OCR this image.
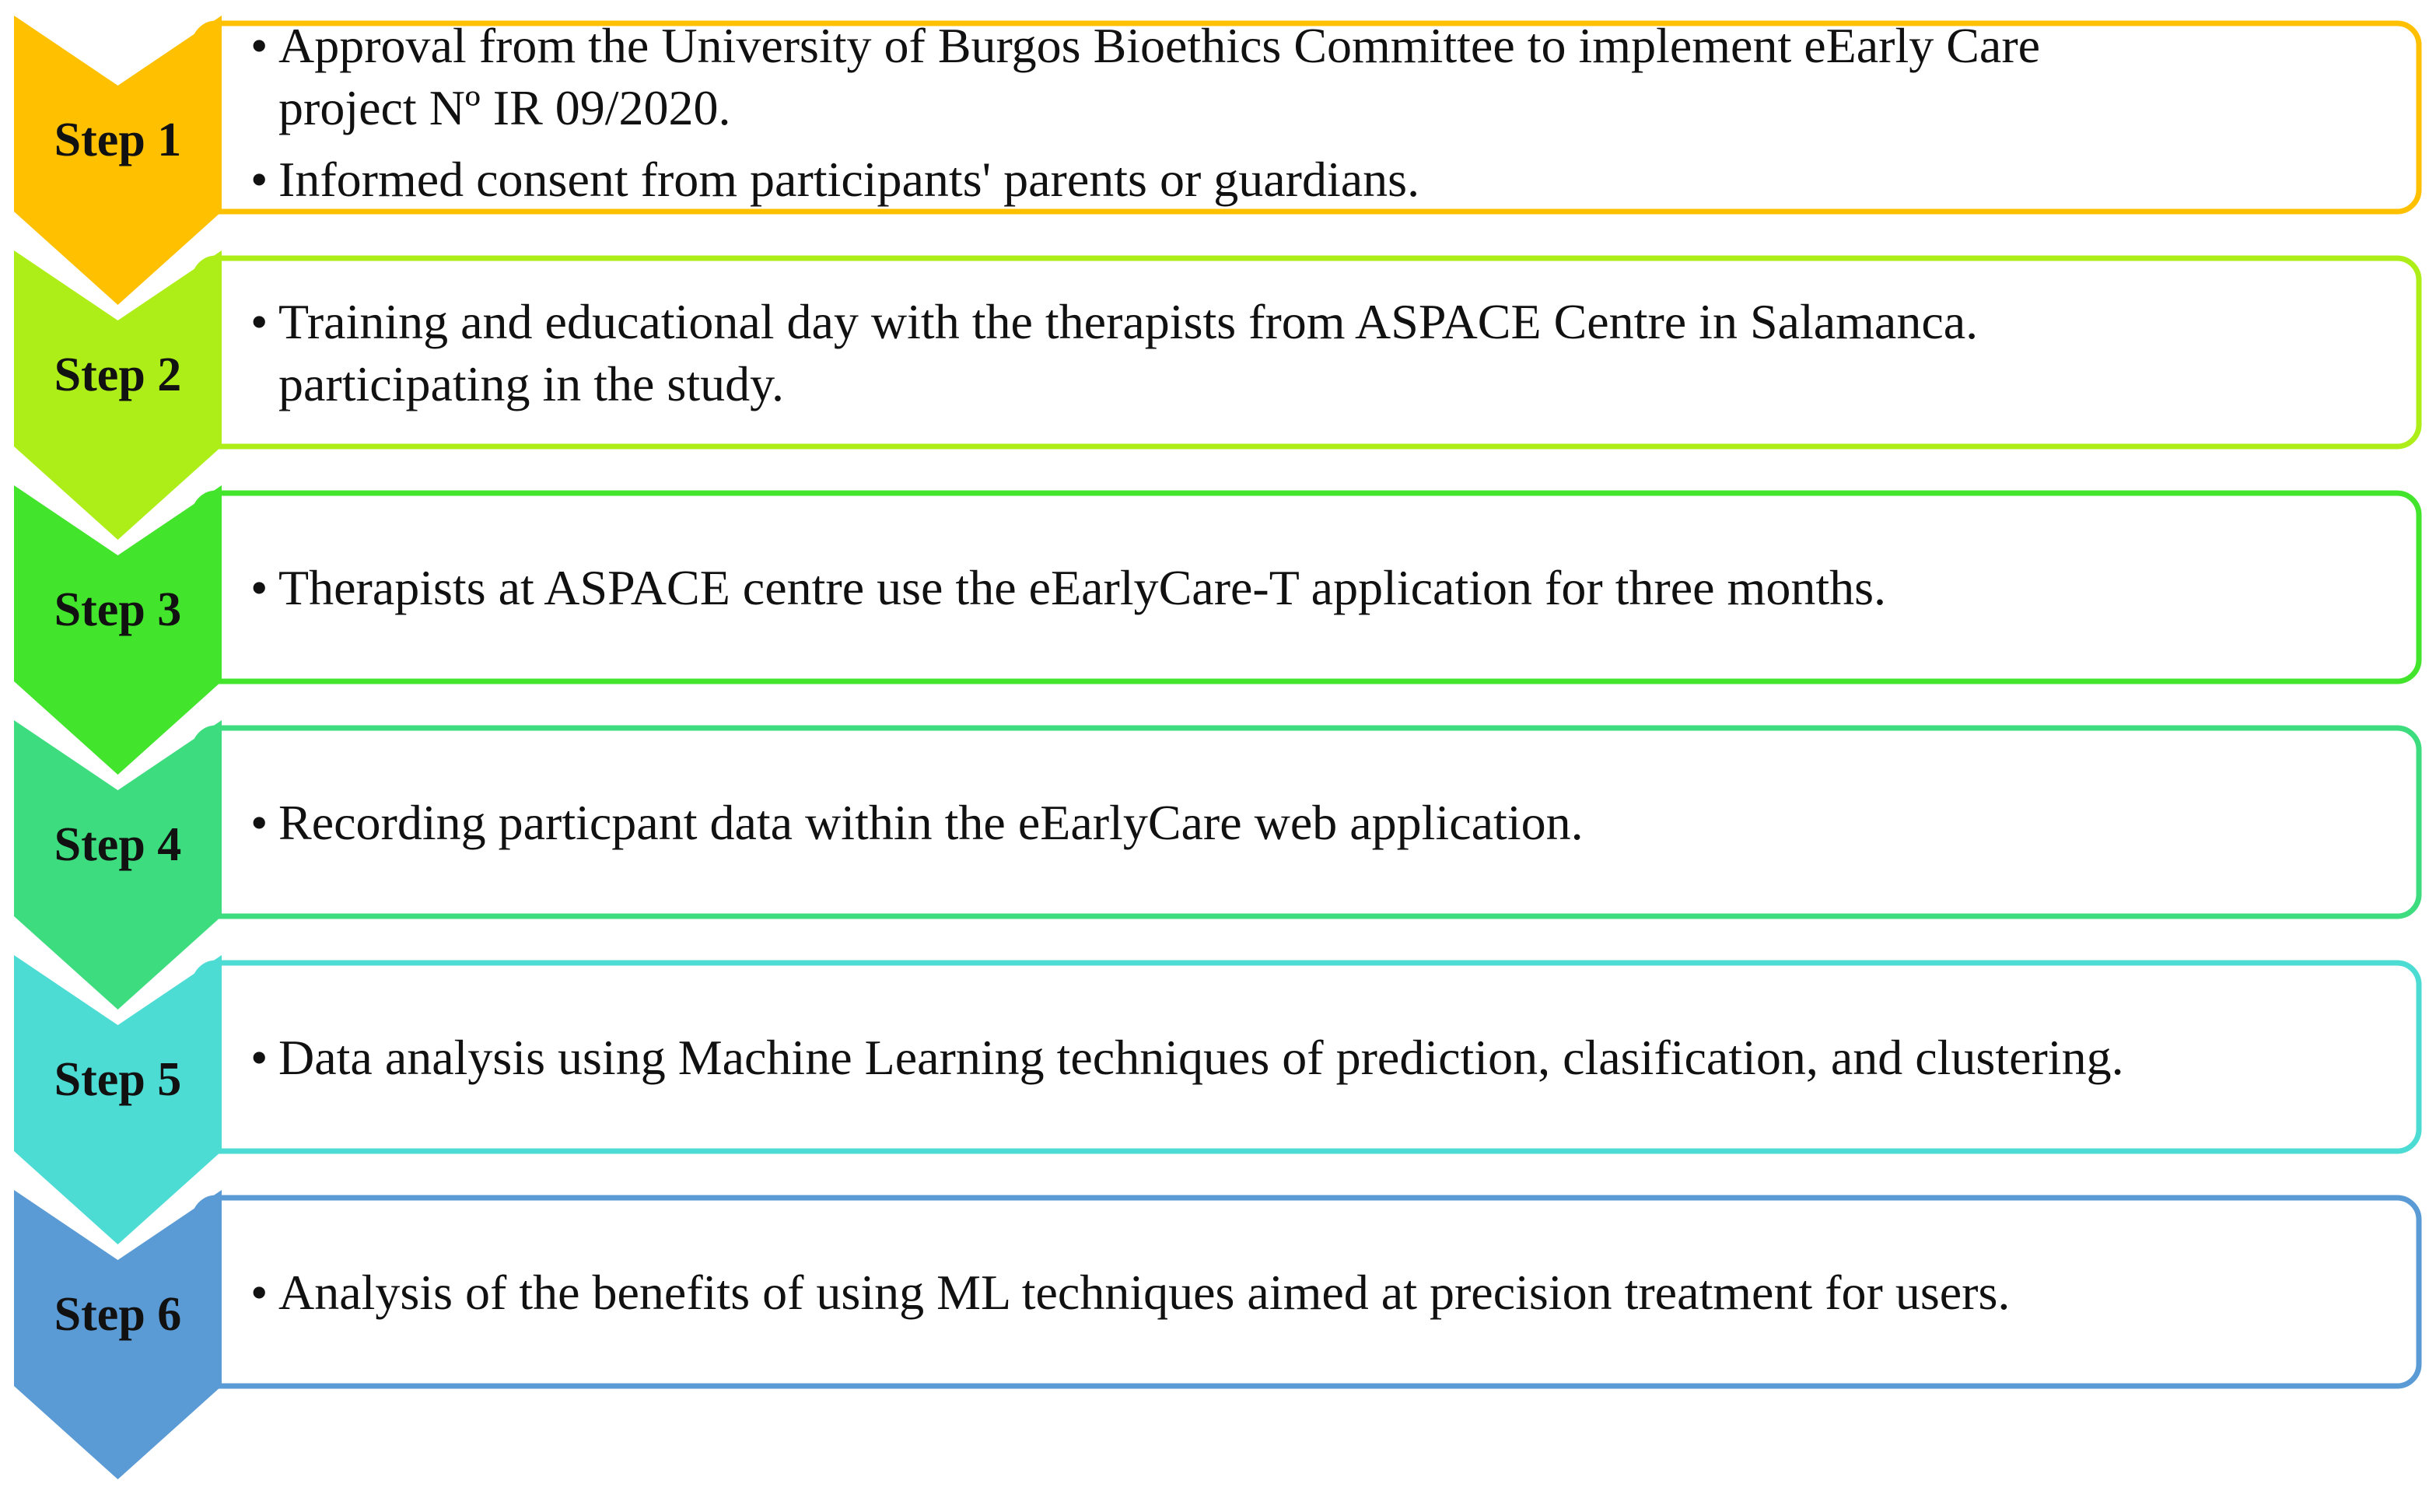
Step 1
• Approval from the University of Burgos Bioethics Committee to implement eEarly Care
project Nº IR 09/2020.
• Informed consent from participants' parents or guardians.
Step 2
• Training and educational day with the therapists from ASPACE Centre in Salamanca.
participating in the study.
Step 3 • Therapists at ASPACE centre use the eEarlyCare-T application for three months.
Step 4 • Recording particpant data within the eEarlyCare web application.
Step 5 • Data analysis using Machine Learning techniques of prediction, clasification, and clustering.
Step 6 • Analysis of the benefits of using ML techniques aimed at precision treatment for users.
